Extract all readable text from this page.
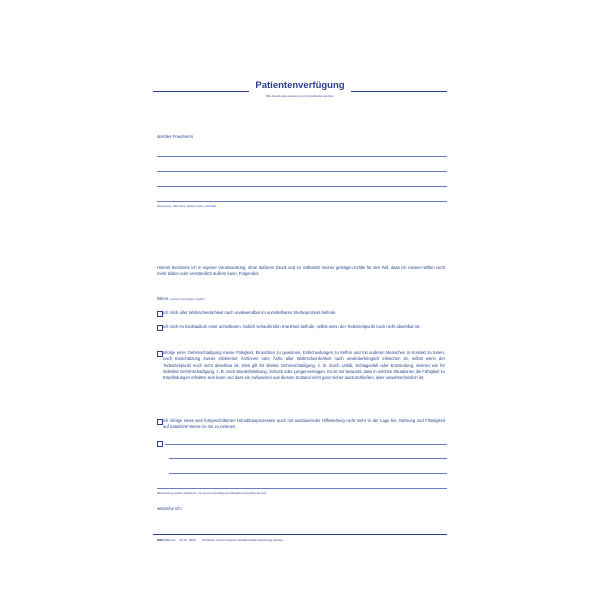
Patientenverfügung
Bitte Zutreffendes ankreuzen und Unzutreffendes streichen
der/des Frau/Herrn
(Vorname(n), Nachname, geboren am/in, wohnhaft)
Hiermit bestimme ich in eigener Verantwortung, ohne äußeren Druck und im Vollbesitz meiner geistigen Kräfte für den Fall, dass ich meinen Willen nicht mehr bilden oder verständlich äußern kann, Folgendes.
Wenn (mehrere Nennungen möglich)
ich mich aller Wahrscheinlichkeit nach unabwendbar im unmittelbaren Sterbeprozess befinde,
ich mich im Endstadium einer unheilbaren, tödlich verlaufenden Krankheit befinde, selbst wenn der Todeszeitpunkt noch nicht absehbar ist,
infolge einer Gehirnschädigung meine Fähigkeit, Einsichten zu gewinnen, Entscheidungen zu treffen und mit anderen Menschen in Kontakt zu treten, nach Einschätzung zweier erfahrener Ärztinnen oder Ärzte aller Wahrscheinlichkeit nach unwiederbringlich erloschen ist, selbst wenn der Todeszeitpunkt noch nicht absehbar ist. Dies gilt für direkte Gehirnschädigung, z. B. durch Unfall, Schlaganfall oder Entzündung, ebenso wie für indirekte Gehirnschädigung, z. B. nach Wiederbelebung, Schock oder Lungenversagen. Es ist mir bewusst, dass in solchen Situationen die Fähigkeit zu Empfindungen erhalten sein kann und dass ein Aufwachen aus diesem Zustand nicht ganz sicher auszuschließen, aber unwahrscheinlich ist.
ich infolge eines weit fortgeschrittenen Hirnabbauprozesses auch mit ausdauernder Hilfestellung nicht mehr in der Lage bin, Nahrung und Flüssigkeit auf natürliche Weise zu mir zu nehmen,
(Beschreibung anderer Situationen, die mit einer Einwilligungsunfähigkeit einhergehen können)
wünsche ich:
RNKVERLAG Art.Nr. 2865	Nachdruck, ebenso Kopieren und elektronische Speicherung verboten
